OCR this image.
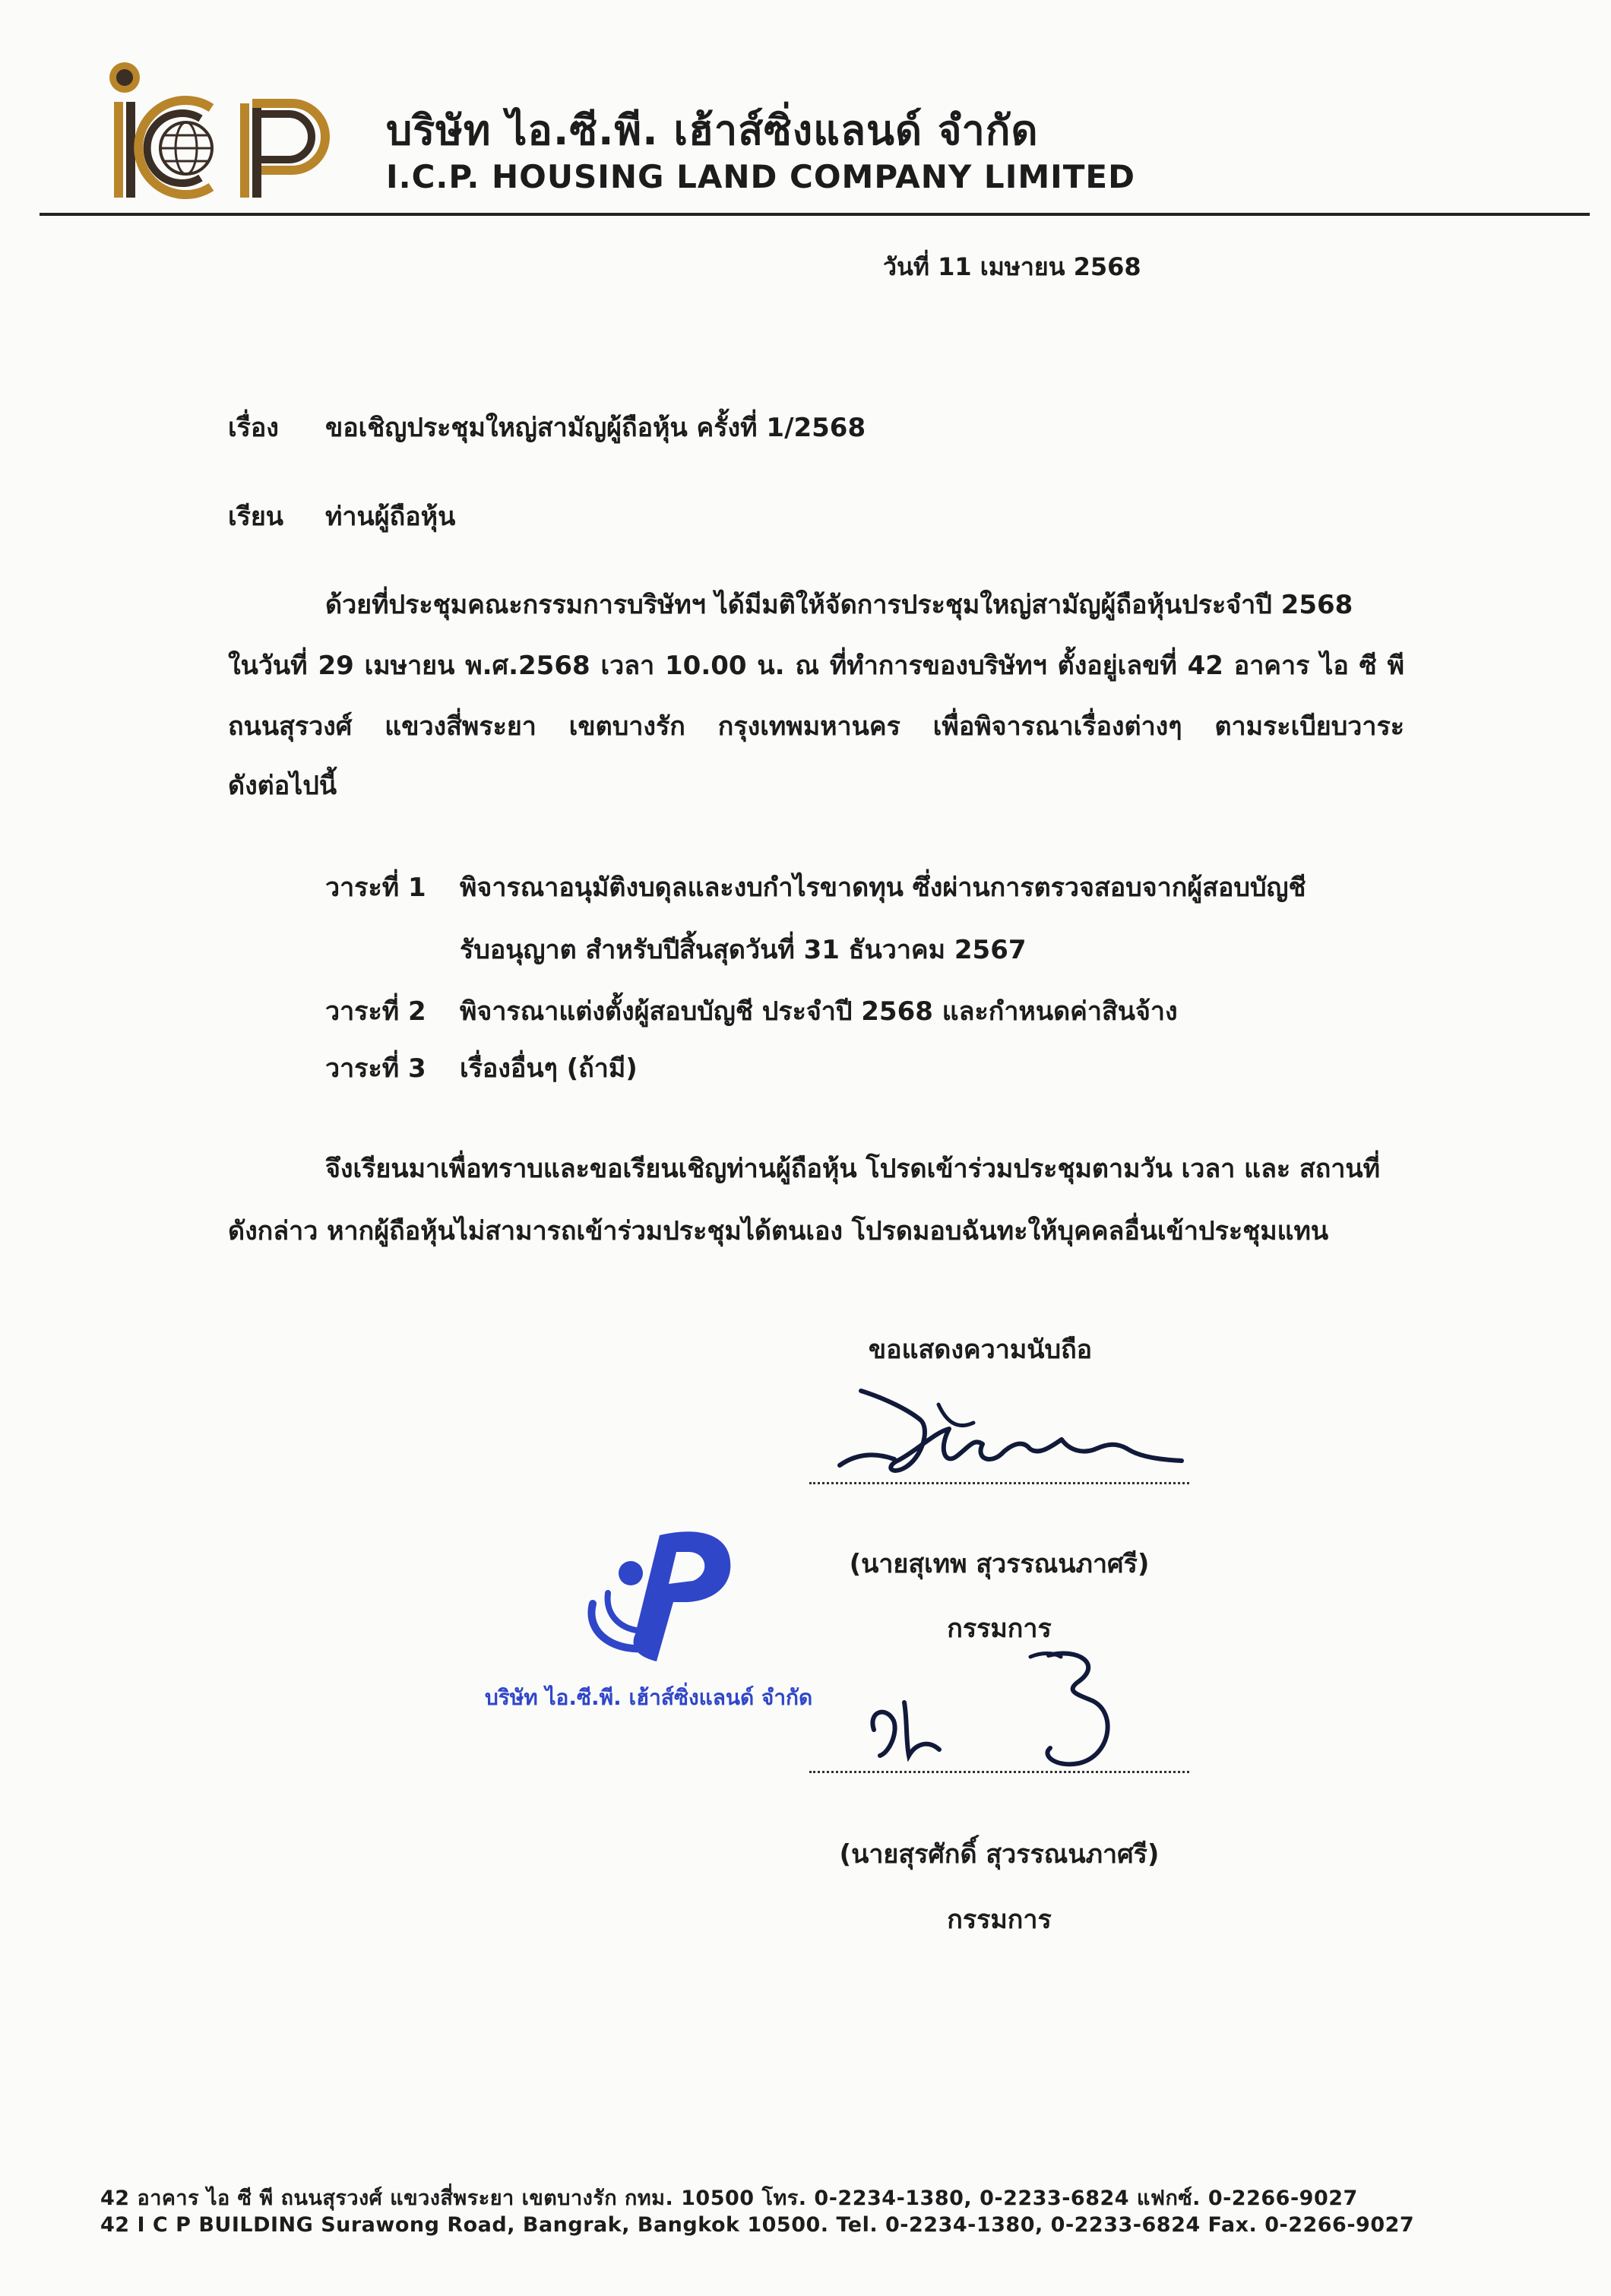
บริษัท ไอ.ซี.พี. เฮ้าส์ซิ่งแลนด์ จำกัด
I.C.P. HOUSING LAND COMPANY LIMITED
วันที่ 11 เมษายน 2568
เรื่อง ขอเชิญประชุมใหญ่สามัญผู้ถือหุ้น ครั้งที่ 1/2568
เรียน ท่านผู้ถือหุ้น
ด้วยที่ประชุมคณะกรรมการบริษัทฯ ได้มีมติให้จัดการประชุมใหญ่สามัญผู้ถือหุ้นประจำปี 2568
ในวันที่ 29 เมษายน พ.ศ.2568 เวลา 10.00 น. ณ ที่ทำการของบริษัทฯ ตั้งอยู่เลขที่ 42 อาคาร ไอ ซี พี
ถนนสุรวงศ์ แขวงสี่พระยา เขตบางรัก กรุงเทพมหานคร เพื่อพิจารณาเรื่องต่างๆ ตามระเบียบวาระ
ดังต่อไปนี้
วาระที่ 1 พิจารณาอนุมัติงบดุลและงบกำไรขาดทุน ซึ่งผ่านการตรวจสอบจากผู้สอบบัญชี
รับอนุญาต สำหรับปีสิ้นสุดวันที่ 31 ธันวาคม 2567
วาระที่ 2 พิจารณาแต่งตั้งผู้สอบบัญชี ประจำปี 2568 และกำหนดค่าสินจ้าง
วาระที่ 3 เรื่องอื่นๆ (ถ้ามี)
จึงเรียนมาเพื่อทราบและขอเรียนเชิญท่านผู้ถือหุ้น โปรดเข้าร่วมประชุมตามวัน เวลา และ สถานที่
ดังกล่าว หากผู้ถือหุ้นไม่สามารถเข้าร่วมประชุมได้ตนเอง โปรดมอบฉันทะให้บุคคลอื่นเข้าประชุมแทน
ขอแสดงความนับถือ
(นายสุเทพ สุวรรณนภาศรี)
กรรมการ
บริษัท ไอ.ซี.พี. เฮ้าส์ซิ่งแลนด์ จำกัด
(นายสุรศักดิ์ สุวรรณนภาศรี)
กรรมการ
42 อาคาร ไอ ซี พี ถนนสุรวงศ์ แขวงสี่พระยา เขตบางรัก กทม. 10500 โทร. 0-2234-1380, 0-2233-6824 แฟกซ์. 0-2266-9027
42 I C P BUILDING Surawong Road, Bangrak, Bangkok 10500. Tel. 0-2234-1380, 0-2233-6824 Fax. 0-2266-9027
